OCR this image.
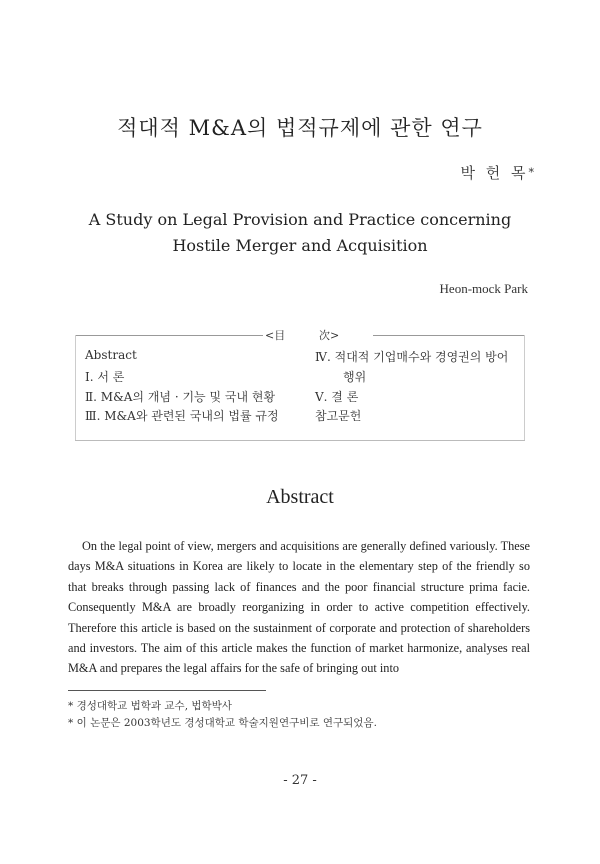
적대적 M&A의 법적규제에 관한 연구
박 헌 목*
A Study on Legal Provision and Practice concerning Hostile Merger and Acquisition
Heon-mock Park
<目	次>
Abstract
Ⅰ. 서 론
Ⅱ. M&A의 개념 · 기능 및 국내 현황
Ⅲ. M&A와 관련된 국내의 법률 규정
Ⅳ. 적대적 기업매수와 경영권의 방어
행위
Ⅴ. 결 론
참고문헌
Abstract
On the legal point of view, mergers and acquisitions are generally defined variously. These days M&A situations in Korea are likely to locate in the elementary step of the friendly so that breaks through passing lack of finances and the poor financial structure prima facie. Consequently M&A are broadly reorganizing in order to active competition effectively. Therefore this article is based on the sustainment of corporate and protection of shareholders and investors. The aim of this article makes the function of market harmonize, analyses real M&A and prepares the legal affairs for the safe of bringing out into
* 경성대학교 법학과 교수, 법학박사
* 이 논문은 2003학년도 경성대학교 학술지원연구비로 연구되었음.
- 27 -
